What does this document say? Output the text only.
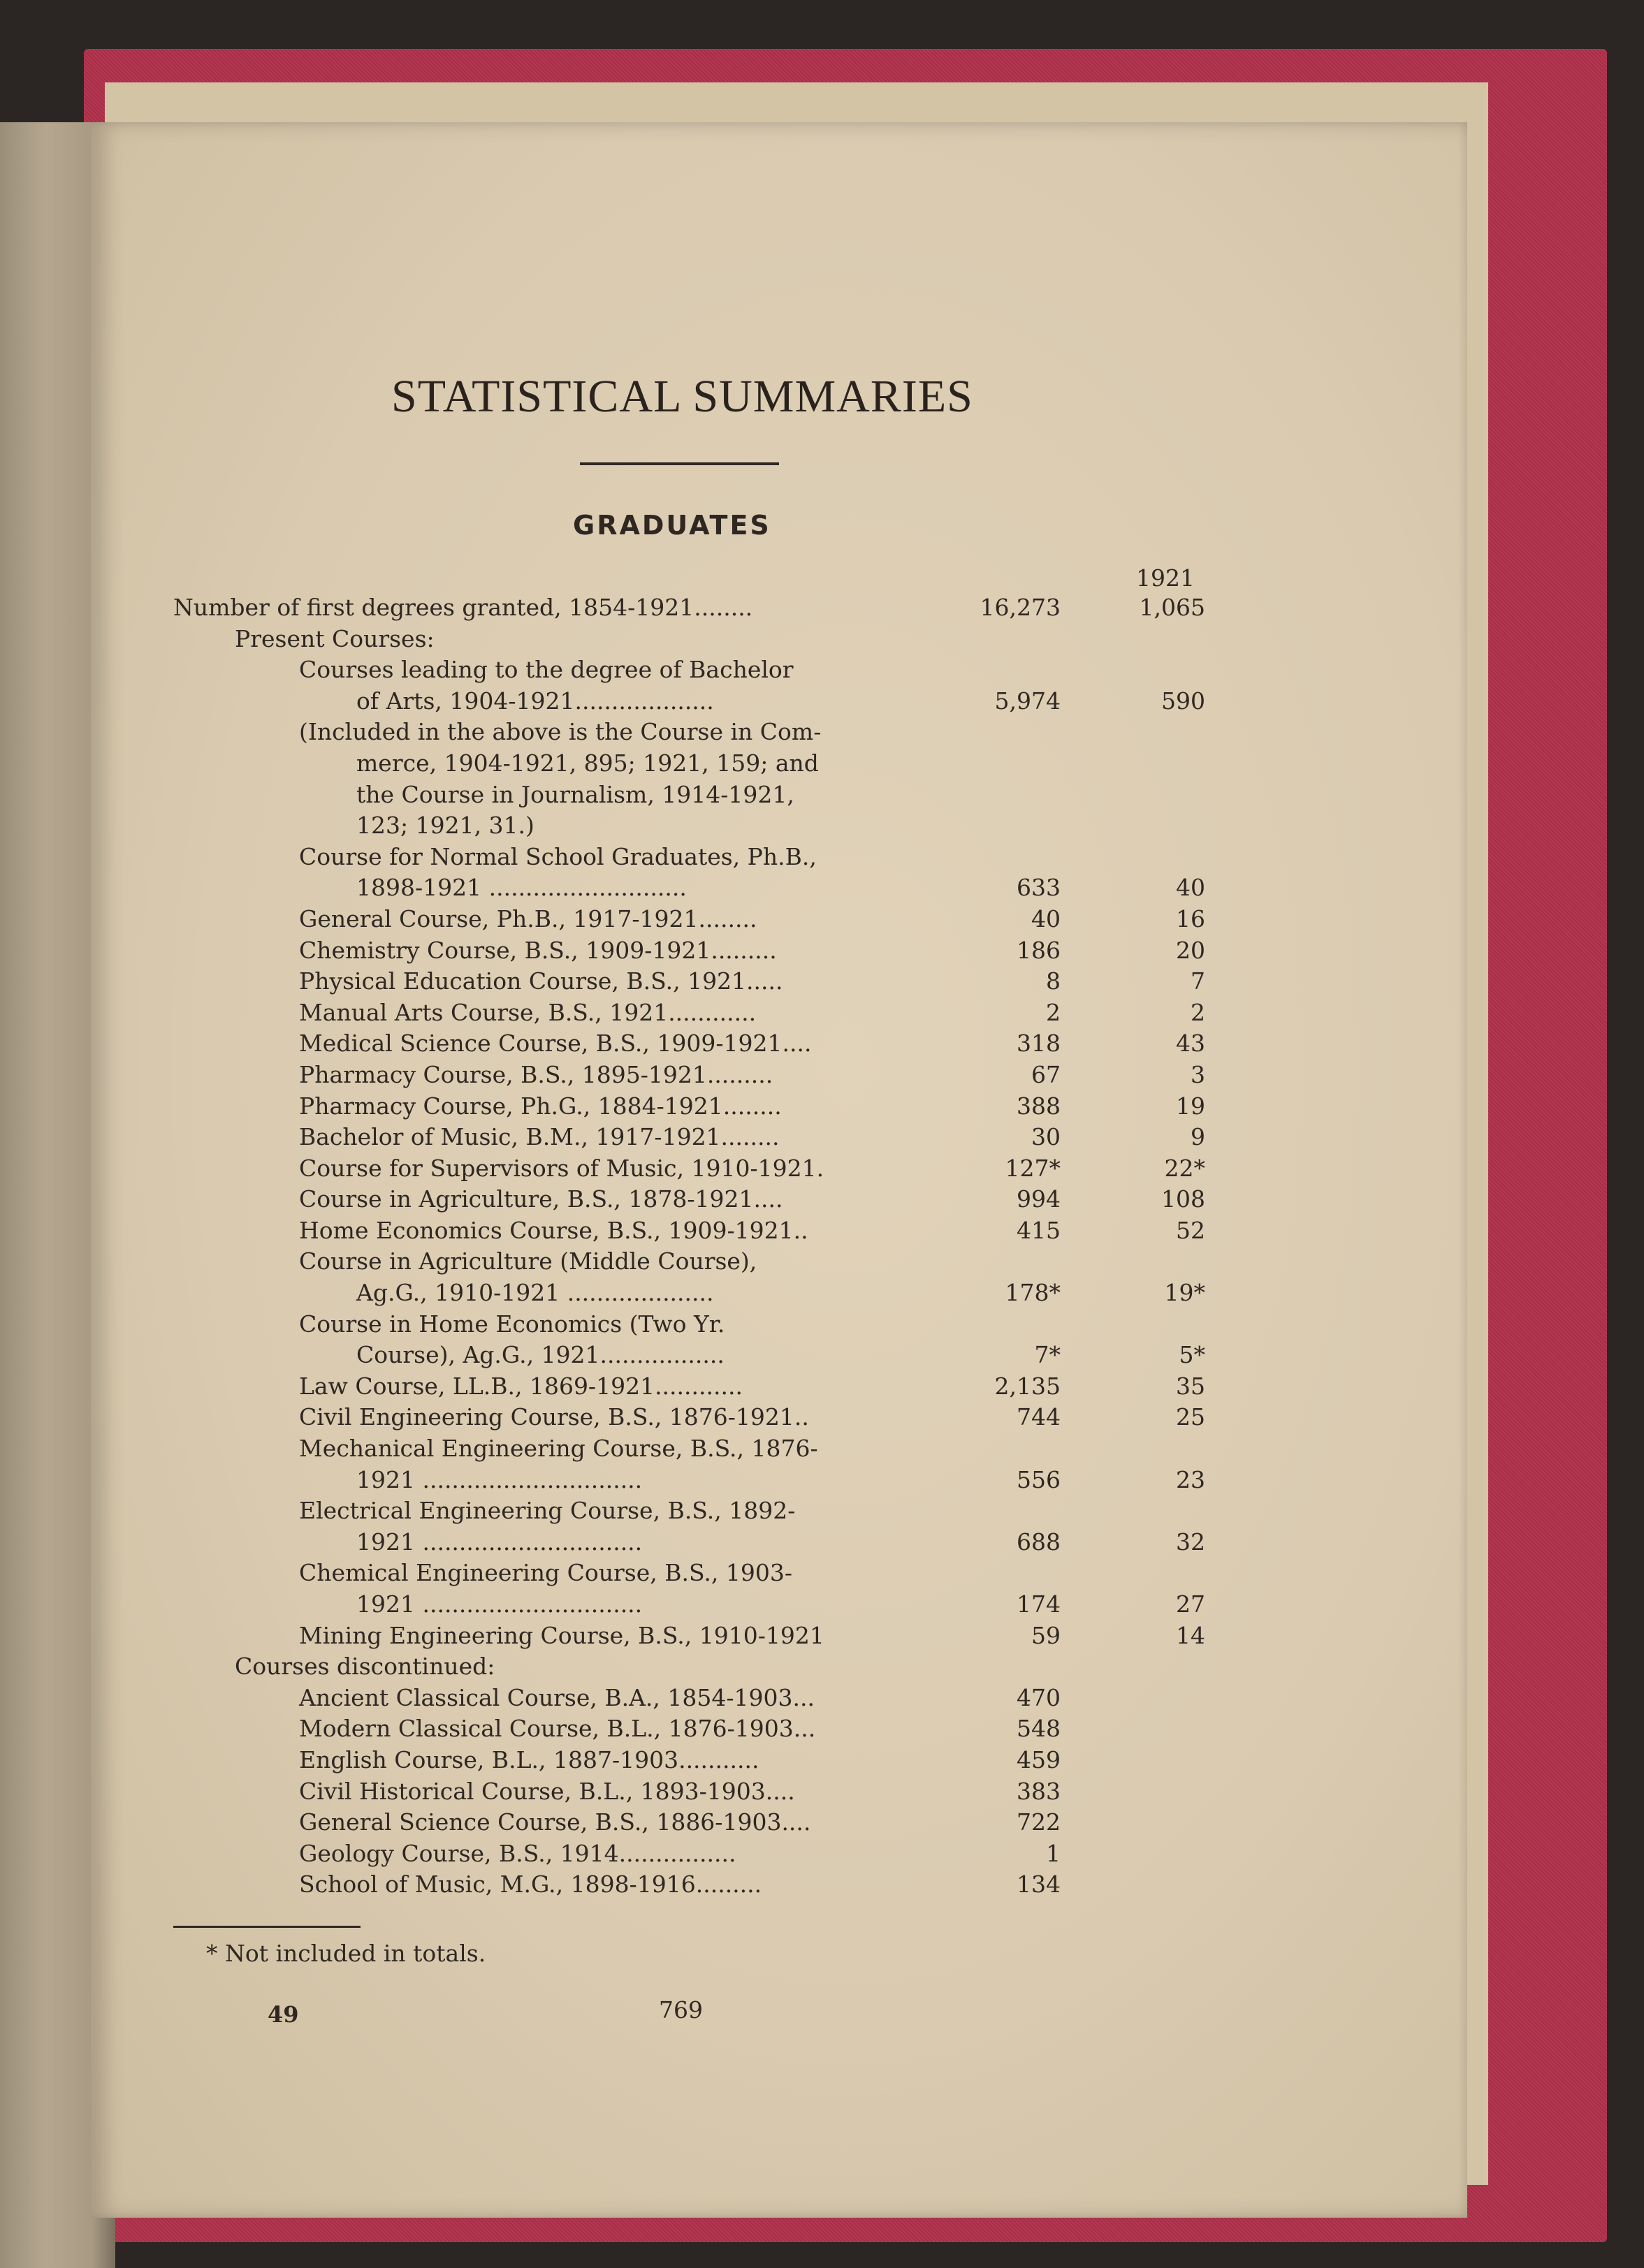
STATISTICAL SUMMARIES
GRADUATES
1921
Number of first degrees granted, 1854-1921........	16,273	1,065
Present Courses:
Courses leading to the degree of Bachelor
of Arts, 1904-1921...................	5,974	590
(Included in the above is the Course in Com-
merce, 1904-1921, 895; 1921, 159; and
the Course in Journalism, 1914-1921,
123; 1921, 31.)
Course for Normal School Graduates, Ph.B.,
1898-1921 ...........................	633	40
General Course, Ph.B., 1917-1921........	40	16
Chemistry Course, B.S., 1909-1921.........	186	20
Physical Education Course, B.S., 1921.....	8	7
Manual Arts Course, B.S., 1921............	2	2
Medical Science Course, B.S., 1909-1921....	318	43
Pharmacy Course, B.S., 1895-1921.........	67	3
Pharmacy Course, Ph.G., 1884-1921........	388	19
Bachelor of Music, B.M., 1917-1921........	30	9
Course for Supervisors of Music, 1910-1921.	127*	22*
Course in Agriculture, B.S., 1878-1921....	994	108
Home Economics Course, B.S., 1909-1921..	415	52
Course in Agriculture (Middle Course),
Ag.G., 1910-1921 ....................	178*	19*
Course in Home Economics (Two Yr.
Course), Ag.G., 1921.................	7*	5*
Law Course, LL.B., 1869-1921............	2,135	35
Civil Engineering Course, B.S., 1876-1921..	744	25
Mechanical Engineering Course, B.S., 1876-
1921 ..............................	556	23
Electrical Engineering Course, B.S., 1892-
1921 ..............................	688	32
Chemical Engineering Course, B.S., 1903-
1921 ..............................	174	27
Mining Engineering Course, B.S., 1910-1921	59	14
Courses discontinued:
Ancient Classical Course, B.A., 1854-1903...	470
Modern Classical Course, B.L., 1876-1903...	548
English Course, B.L., 1887-1903...........	459
Civil Historical Course, B.L., 1893-1903....	383
General Science Course, B.S., 1886-1903....	722
Geology Course, B.S., 1914................	1
School of Music, M.G., 1898-1916.........	134
* Not included in totals.
49	769
